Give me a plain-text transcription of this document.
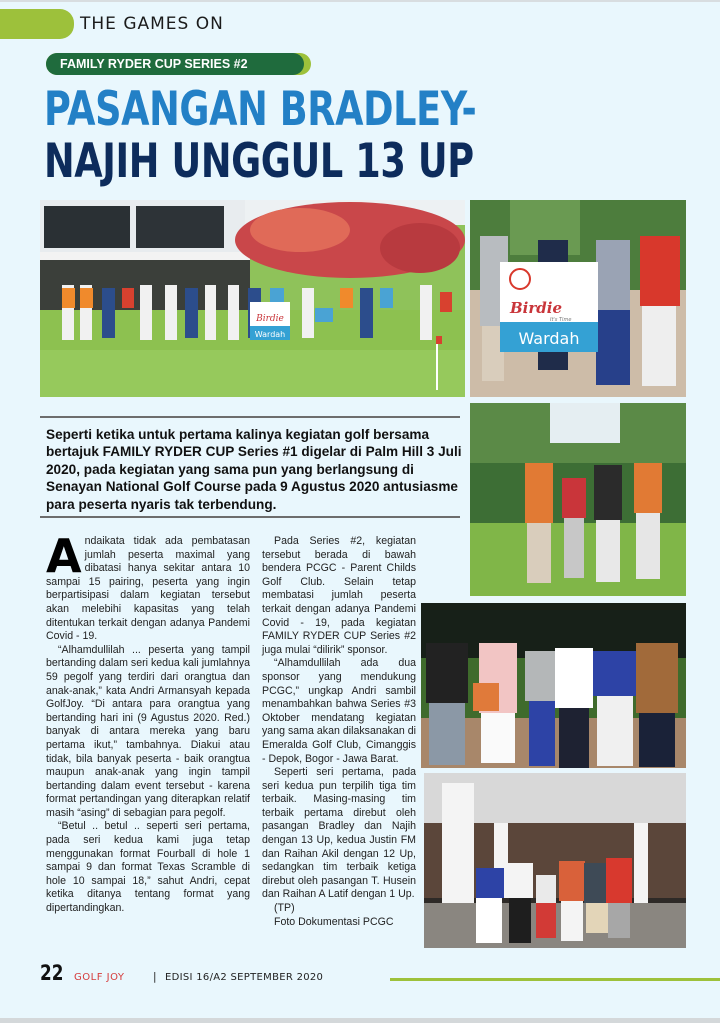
THE GAMES ON
FAMILY RYDER CUP SERIES #2
PASANGAN BRADLEY-
NAJIH UNGGUL 13 UP
Birdie
Wardah
Birdie
It's Time
Wardah

Seperti ketika untuk pertama kalinya kegiatan golf bersama bertajuk FAMILY RYDER CUP Series #1 digelar di Palm Hill 3 Juli 2020, pada kegiatan yang sama pun yang berlangsung di Senayan National Golf Course pada 9 Agustus 2020 antusiasme para peserta nyaris tak terbendung.

Andaikata tidak ada pembatasan jumlah peserta maximal yang dibatasi hanya sekitar antara 10 sampai 15 pairing, peserta yang ingin berpartisipasi dalam kegiatan tersebut akan melebihi kapasitas yang telah ditentukan terkait dengan adanya Pandemi Covid - 19.

“Alhamdullilah ... peserta yang tampil bertanding dalam seri kedua kali jumlahnya 59 pegolf yang terdiri dari orangtua dan anak-anak,” kata Andri Armansyah kepada GolfJoy. “Di antara para orangtua yang bertanding hari ini (9 Agustus 2020. Red.) banyak di antara mereka yang baru pertama ikut,” tambahnya. Diakui atau tidak, bila banyak peserta - baik orangtua maupun anak-anak yang ingin tampil bertanding dalam event tersebut - karena format pertandingan yang diterapkan relatif masih “asing” di sebagian para pegolf.

“Betul .. betul .. seperti seri pertama, pada seri kedua kami juga tetap menggunakan format Fourball di hole 1 sampai 9 dan format Texas Scramble di hole 10 sampai 18,” sahut Andri, cepat ketika ditanya tentang format yang dipertandingkan.

Pada Series #2, kegiatan tersebut berada di bawah bendera PCGC - Parent Childs Golf Club. Selain tetap membatasi jumlah peserta terkait dengan adanya Pandemi Covid - 19, pada kegiatan FAMILY RYDER CUP Series #2 juga mulai “dilirik” sponsor.

“Alhamdullilah ada dua sponsor yang mendukung PCGC,” ungkap Andri sambil menambahkan bahwa Series #3 Oktober mendatang kegiatan yang sama akan dilaksanakan di Emeralda Golf Club, Cimanggis - Depok, Bogor - Jawa Barat.

Seperti seri pertama, pada seri kedua pun terpilih tiga tim terbaik. Masing-masing tim terbaik pertama direbut oleh pasangan Bradley dan Najih dengan 13 Up, kedua Justin FM dan Raihan Akil dengan 12 Up, sedangkan tim terbaik ketiga direbut oleh pasangan T. Husein dan Raihan A Latif dengan 1 Up.

(TP)

Foto Dokumentasi PCGC

22 GOLF JOY	| EDISI 16/A2 SEPTEMBER 2020
